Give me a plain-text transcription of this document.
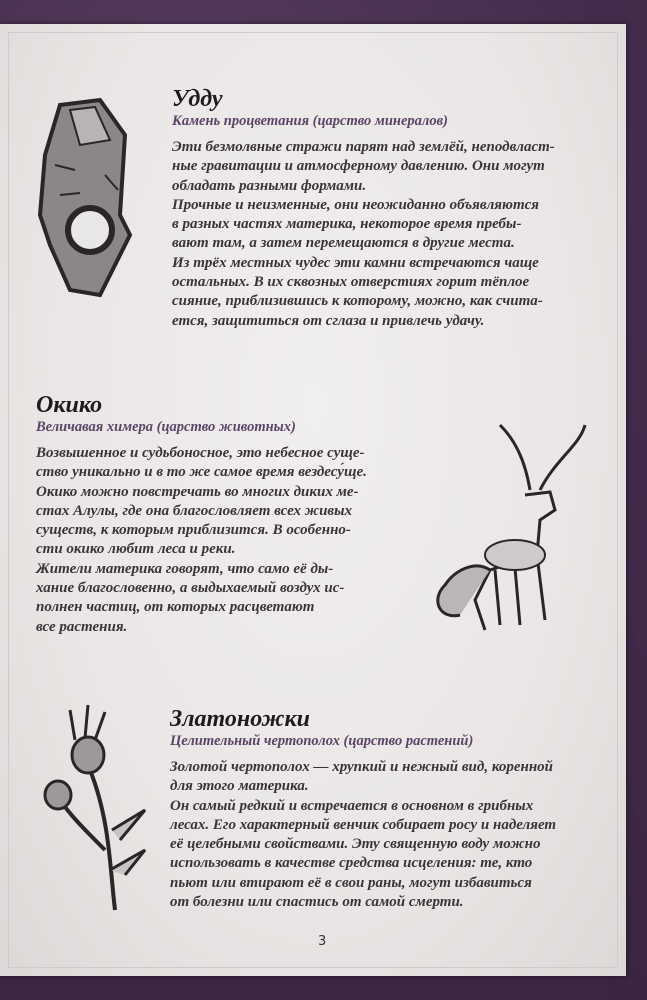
Удду
Камень процветания (царство минералов)
Эти безмолвные стражи парят над землёй, неподвласт-
ные гравитации и атмосферному давлению. Они могут
обладать разными формами.
Прочные и неизменные, они неожиданно объявляются
в разных частях материка, некоторое время пребы-
вают там, а затем перемещаются в другие места.
Из трёх местных чудес эти камни встречаются чаще
остальных. В их сквозных отверстиях горит тёплое
сияние, приблизившись к которому, можно, как счита-
ется, защититься от сглаза и привлечь удачу.
Окико
Величавая химера (царство животных)
Возвышенное и судьбоносное, это небесное суще-
ство уникально и в то же самое время вездесу́ще.
Окико можно повстречать во многих диких ме-
стах Алулы, где она благословляет всех живых
существ, к которым приблизится. В особенно-
сти окико любит леса и реки.
Жители материка говорят, что само её ды-
хание благословенно, а выдыхаемый воздух ис-
полнен частиц, от которых расцветают
все растения.
Златоножки
Целительный чертополох (царство растений)
Золотой чертополох — хрупкий и нежный вид, коренной
для этого материка.
Он самый редкий и встречается в основном в грибных
лесах. Его характерный венчик собирает росу и наделяет
её целебными свойствами. Эту священную воду можно
использовать в качестве средства исцеления: те, кто
пьют или втирают её в свои раны, могут избавиться
от болезни или спастись от самой смерти.
3
